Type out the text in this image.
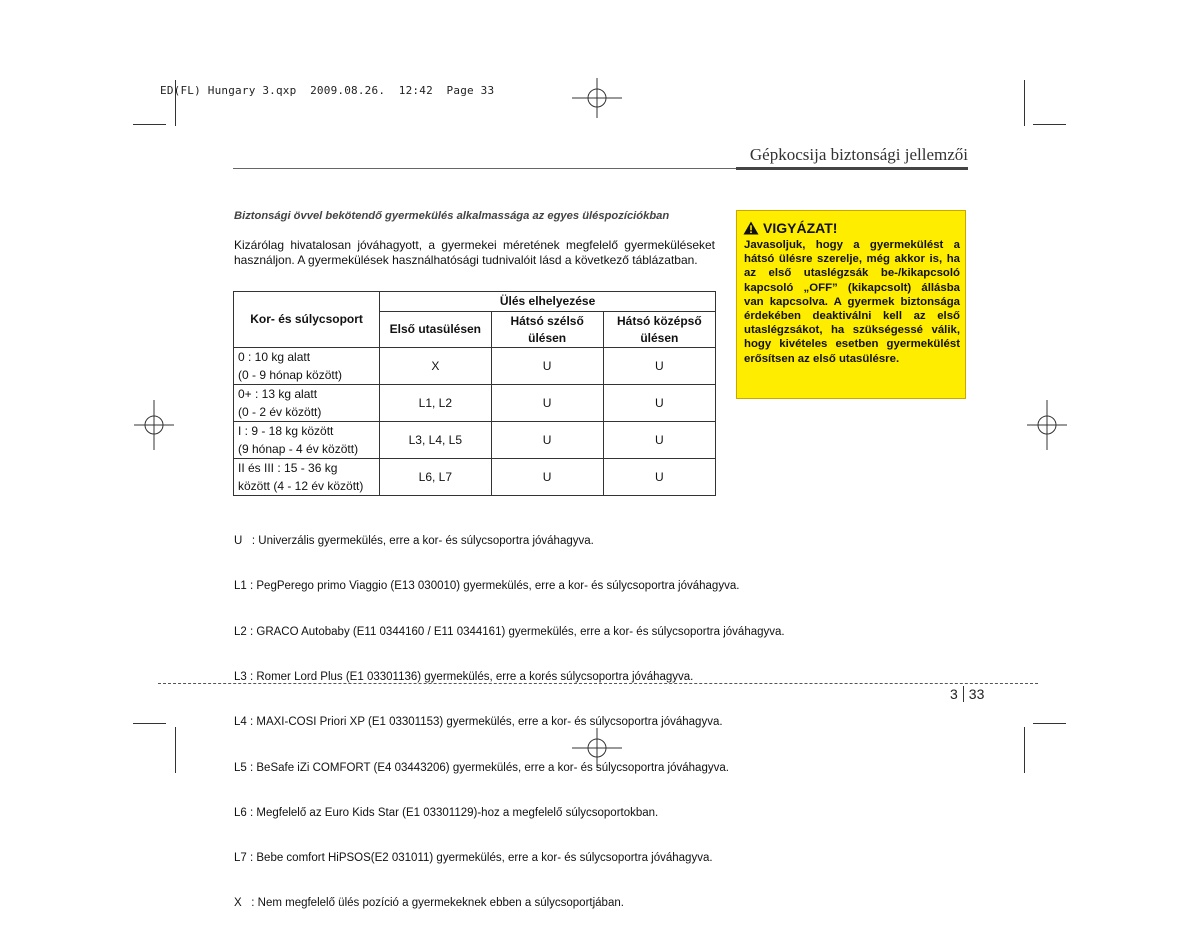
ED(FL) Hungary 3.qxp  2009.08.26.  12:42  Page 33
Gépkocsija biztonsági jellemzői
Biztonsági övvel bekötendő gyermekülés alkalmassága az egyes üléspozíciókban
Kizárólag hivatalosan jóváhagyott, a gyermekei méretének megfelelő gyermeküléseket használjon. A gyermekülések használhatósági tudnivalóit lásd a következő táblázatban.
Kor- és súlycsoport	Ülés elhelyezése		
	Első utasülésen	Hátsó szélső ülésen	Hátsó középső ülésen

0 : 10 kg alatt
(0 - 9 hónap között)	X	U	U

0+ : 13 kg alatt
(0 - 2 év között)	L1, L2	U	U

I : 9 - 18 kg között
(9 hónap - 4 év között)	L3, L4, L5	U	U

II és III : 15 - 36 kg
között (4 - 12 év között)	L6, L7	U	U

U   : Univerzális gyermekülés, erre a kor- és súlycsoportra jóváhagyva.

L1 : PegPerego primo Viaggio (E13 030010) gyermekülés, erre a kor- és súlycsoportra jóváhagyva.

L2 : GRACO Autobaby (E11 0344160 / E11 0344161) gyermekülés, erre a kor- és súlycsoportra jóváhagyva.

L3 : Romer Lord Plus (E1 03301136) gyermekülés, erre a korés súlycsoportra jóváhagyva.

L4 : MAXI-COSI Priori XP (E1 03301153) gyermekülés, erre a kor- és súlycsoportra jóváhagyva.

L5 : BeSafe iZi COMFORT (E4 03443206) gyermekülés, erre a kor- és súlycsoportra jóváhagyva.

L6 : Megfelelő az Euro Kids Star (E1 03301129)-hoz a megfelelő súlycsoportokban.

L7 : Bebe comfort HiPSOS(E2 031011) gyermekülés, erre a kor- és súlycsoportra jóváhagyva.

X   : Nem megfelelő ülés pozíció a gyermekeknek ebben a súlycsoportjában.

VIGYÁZAT!
Javasoljuk, hogy a gyermekülést a hátsó ülésre szerelje, még akkor is, ha az első utaslégzsák be-/kikapcsoló kapcsoló „OFF” (kikapcsolt) állásba van kapcsolva. A gyermek biztonsága érdekében deaktiválni kell az első utaslégzsákot, ha szükségessé válik, hogy kivételes esetben gyermekülést erősítsen az első utasülésre.
3 33
